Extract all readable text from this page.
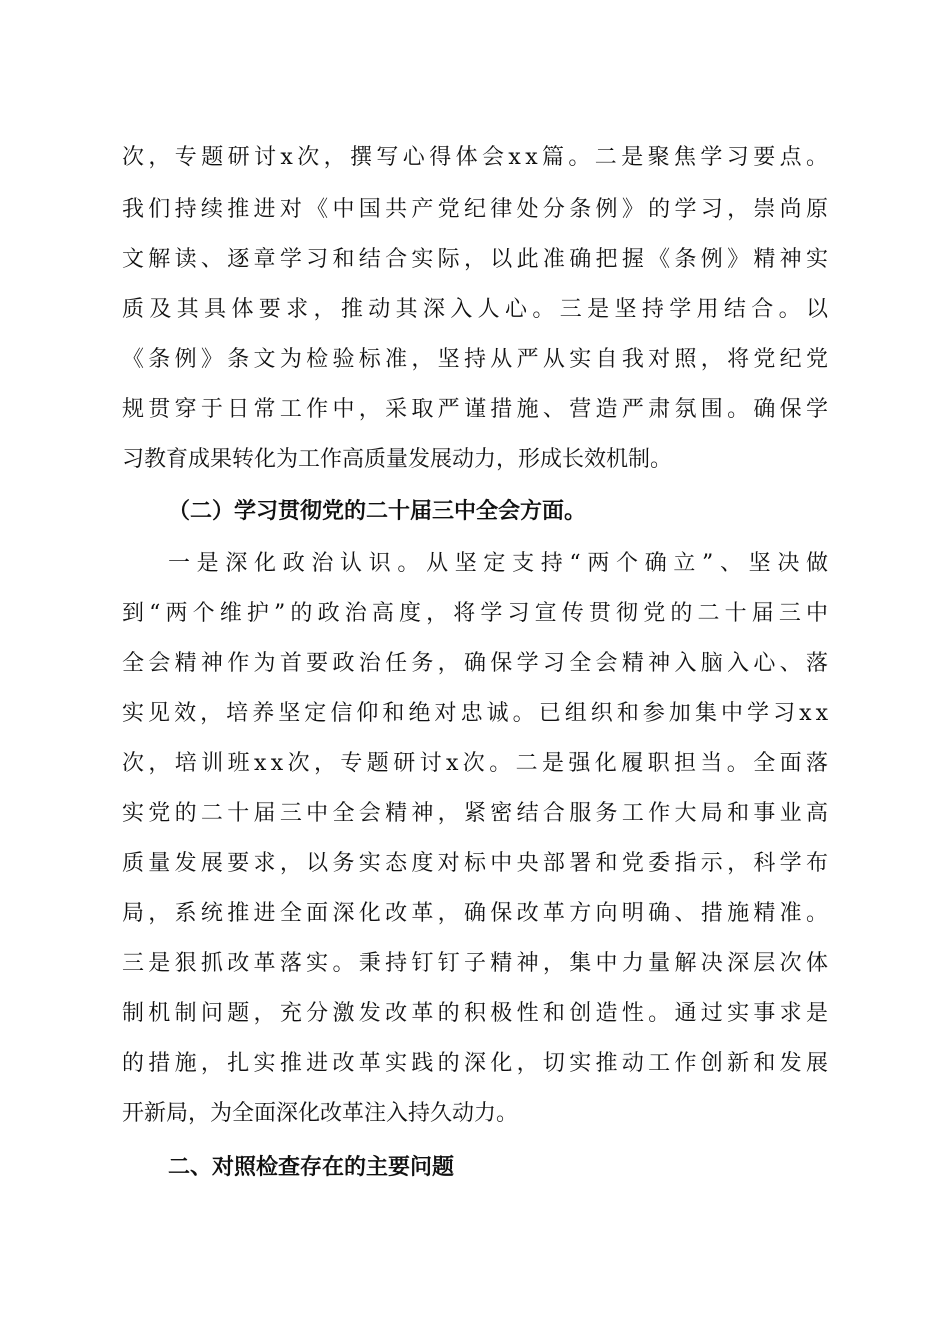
次，专题研讨x次，撰写心得体会xx篇。二是聚焦学习要点。
我们持续推进对《中国共产党纪律处分条例》的学习，崇尚原
文解读、逐章学习和结合实际，以此准确把握《条例》精神实
质及其具体要求，推动其深入人心。三是坚持学用结合。以
《条例》条文为检验标准，坚持从严从实自我对照，将党纪党
规贯穿于日常工作中，采取严谨措施、营造严肃氛围。确保学
习教育成果转化为工作高质量发展动力，形成长效机制。
（二）学习贯彻党的二十届三中全会方面。
一是深化政治认识。从坚定支持“两个确立”、坚决做
到“两个维护”的政治高度，将学习宣传贯彻党的二十届三中
全会精神作为首要政治任务，确保学习全会精神入脑入心、落
实见效，培养坚定信仰和绝对忠诚。已组织和参加集中学习xx
次，培训班xx次，专题研讨x次。二是强化履职担当。全面落
实党的二十届三中全会精神，紧密结合服务工作大局和事业高
质量发展要求，以务实态度对标中央部署和党委指示，科学布
局，系统推进全面深化改革，确保改革方向明确、措施精准。
三是狠抓改革落实。秉持钉钉子精神，集中力量解决深层次体
制机制问题，充分激发改革的积极性和创造性。通过实事求是
的措施，扎实推进改革实践的深化，切实推动工作创新和发展
开新局，为全面深化改革注入持久动力。
二、对照检查存在的主要问题
